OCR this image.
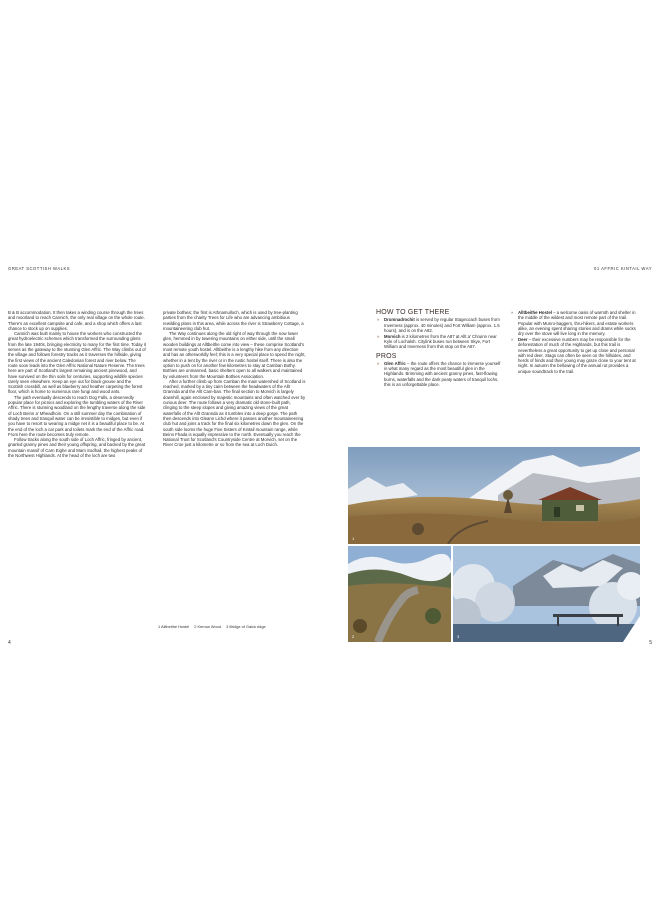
GREAT SCOTTISH WALKS

B & B accommodation. It then takes a winding course through the trees and moorland to reach Cannich, the only real village on the whole route. There's an excellent campsite and cafe, and a shop which offers a last chance to stock up on supplies.

Cannich was built mainly to house the workers who constructed the great hydroelectric schemes which transformed the surrounding glens from the late 1940s, bringing electricity to many for the first time. Today it serves as the gateway to the stunning Glen Affric. The Way climbs out of the village and follows forestry tracks as it traverses the hillside, giving the first views of the ancient Caledonian forest and river below. The route soon leads into the Glen Affric National Nature Reserve. The trees here are part of Scotland's largest remaining ancient pinewood, and have survived on the thin soils for centuries, supporting wildlife species rarely seen elsewhere. Keep an eye out for black grouse and the Scottish crossbill, as well as blaeberry and heather carpeting the forest floor, which is home to numerous rare fungi and wood ants.

The path eventually descends to reach Dog Falls, a deservedly popular place for picnics and exploring the tumbling waters of the River Affric. There is stunning woodland on the lengthy traverse along the side of Loch Beinn a' Mheadhoin. On a still summer day the combination of shady trees and tranquil water can be irresistible to midges, but even if you have to resort to wearing a midge net it is a beautiful place to be. At the end of the loch a car park and toilets mark the end of the Affric road. From here the route becomes truly remote.

Follow tracks along the south side of Loch Affric, fringed by ancient, gnarled granny pines and their young offspring, and backed by the great mountain massif of Carn Eighe and Mam Sodhail, the highest peaks of the Northwest Highlands. At the head of the loch are two

private bothies; the first is Athnamulloch, which is used by tree-planting parties from the charity Trees for Life who are advancing ambitious rewilding plans in this area, while across the river is Strawberry Cottage, a mountaineering club hut.

The Way continues along the old right of way through the now lower glen, hemmed in by towering mountains on either side, until the small wooden buildings at Alltbeithe come into view – these comprise Scotland's most remote youth hostel. Alltbeithe is a lengthy hike from any direction and has an otherworldly feel; this is a very special place to spend the night, whether in a tent by the river or in the rustic hostel itself. There is also the option to push on for another few kilometres to stay at Camban Bothy. Bothies are unmanned, basic shelters open to all walkers and maintained by volunteers from the Mountain Bothies Association.

After a further climb up from Camban the main watershed of Scotland is reached, marked by a tiny cairn between the headwaters of the Allt Grannda and the Allt Cam-ban. The final section to Morvich is largely downhill, again enclosed by majestic mountains and often watched over by curious deer. The route follows a very dramatic old stone-built path, clinging to the steep slopes and giving amazing views of the great waterfalls of the Allt Grannda as it tumbles into a deep gorge. The path then descends into Gleann Lichd where it passes another mountaineering club hut and joins a track for the final six kilometres down the glen. On the south side looms the huge Five Sisters of Kintail mountain range, while Beinn Fhada is equally impressive to the north. Eventually you reach the National Trust for Scotland's Countryside Centre at Morvich, set on the River Croe just a kilometre or so from the sea at Loch Duich.

1 Alltbeithe Hostel 2 Kerrow Wood 3 Bridge of Gaick ridge
4
01 AFFRIC KINTAIL WAY
HOW TO GET THERE
» Drumnadrochit is served by regular Stagecoach buses from Inverness (approx. 40 minutes) and Fort William (approx. 1.5 hours), and is on the A82.
» Morvich is 2 kilometres from the A87 at Allt a' Chruinn near Kyle of Lochalsh. Citylink buses run between Skye, Fort William and Inverness from this stop on the A87.
PROS
» Glen Affric – the route offers the chance to immerse yourself in what many regard as the most beautiful glen in the Highlands. Brimming with ancient granny pines, fast-flowing burns, waterfalls and the dark peaty waters of tranquil lochs, this is an unforgettable place.
» Alltbeithe Hostel – a welcome oasis of warmth and shelter in the middle of the wildest and most remote part of the trail. Popular with Munro-baggers, thru-hikers, and estate workers alike, an evening spent sharing stories and drams while socks dry over the stove will live long in the memory.
» Deer – their excessive numbers may be responsible for the deforestation of much of the Highlands, but this trail is nevertheless a great opportunity to get up close and personal with red deer. Stags can often be seen on the hillsides, and herds of hinds and their young may graze close to your tent at night. In autumn the bellowing of the annual rut provides a unique soundtrack to the trail.
1
2	3
5
